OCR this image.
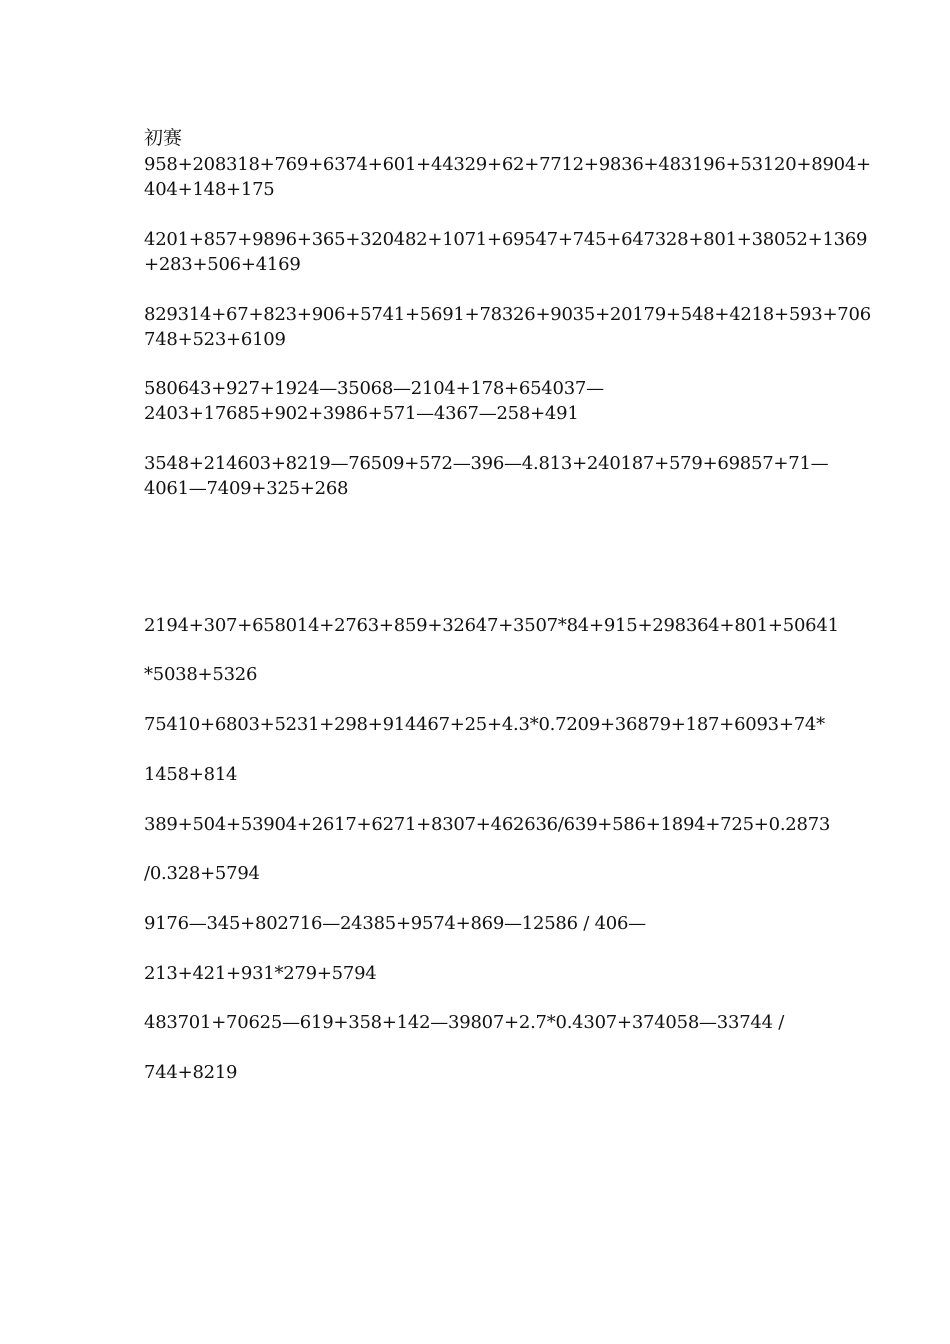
初赛
958+208318+769+6374+601+44329+62+7712+9836+483196+53120+8904+
404+148+175
4201+857+9896+365+320482+1071+69547+745+647328+801+38052+1369
+283+506+4169
829314+67+823+906+5741+5691+78326+9035+20179+548+4218+593+706
748+523+6109
580643+927+1924—35068—2104+178+654037—
2403+17685+902+3986+571—4367—258+491
3548+214603+8219—76509+572—396—4.813+240187+579+69857+71—
4061—7409+325+268
2194+307+658014+2763+859+32647+3507*84+915+298364+801+50641
*5038+5326
75410+6803+5231+298+914467+25+4.3*0.7209+36879+187+6093+74*
1458+814
389+504+53904+2617+6271+8307+462636/639+586+1894+725+0.2873
/0.328+5794
9176—345+802716—24385+9574+869—12586 / 406—
213+421+931*279+5794
483701+70625—619+358+142—39807+2.7*0.4307+374058—33744 /
744+8219
